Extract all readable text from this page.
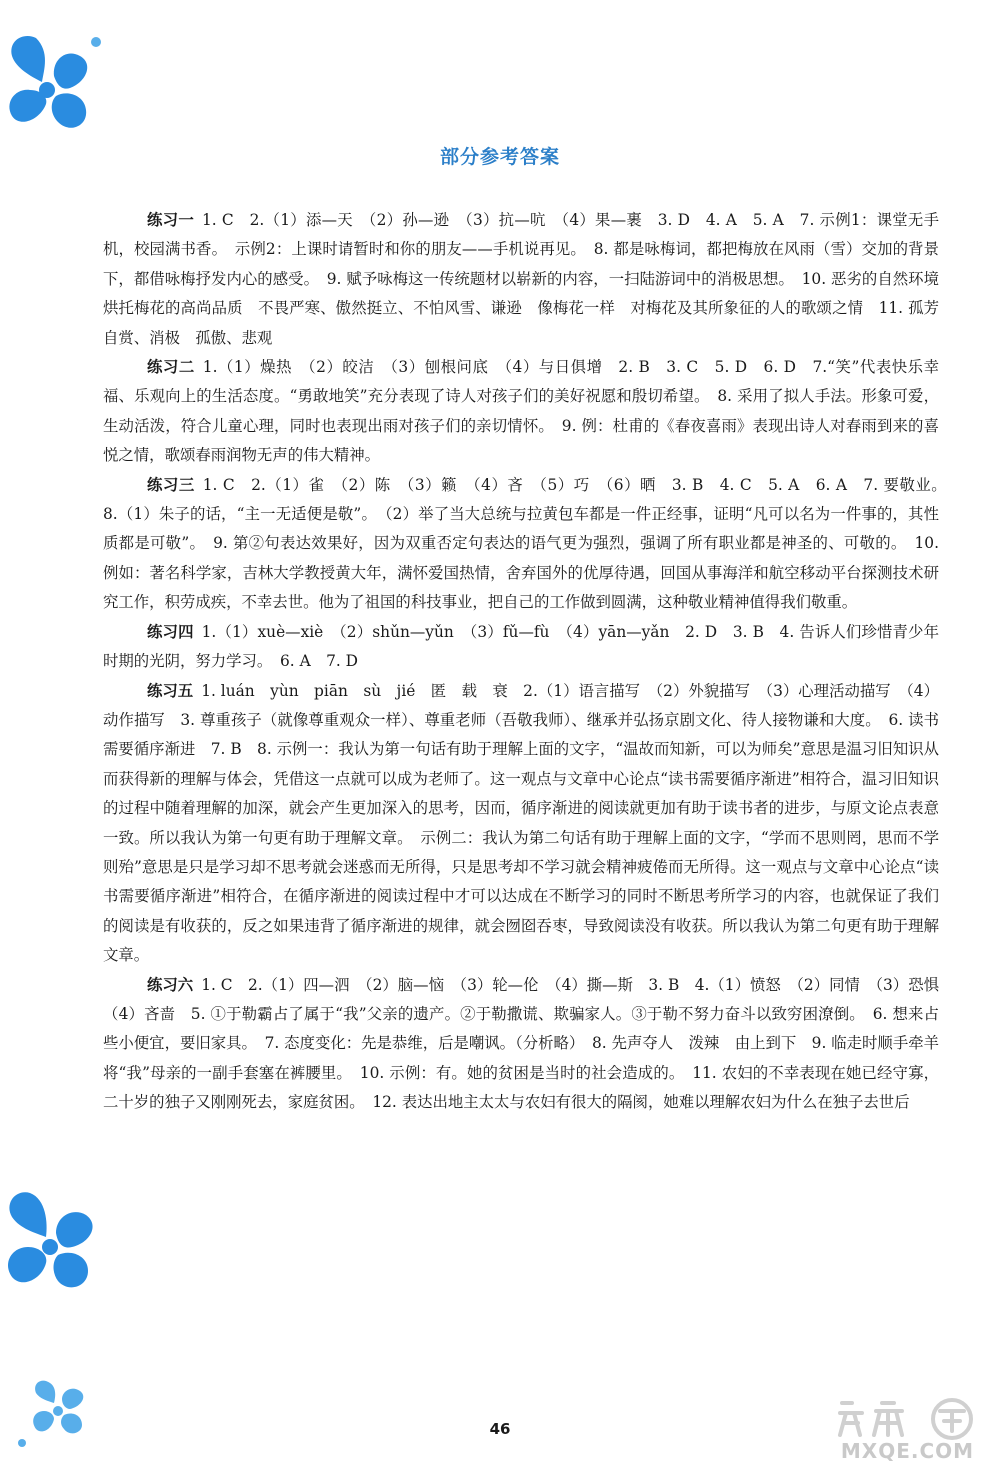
部分参考答案

练习一 1. C　2.（1）添—天　（2）孙—逊　（3）抗—吭　（4）果—裹　3. D　4. A　5. A　7. 示例1：课堂无手机，校园满书香。　示例2：上课时请暂时和你的朋友——手机说再见。　8. 都是咏梅词，都把梅放在风雨（雪）交加的背景下，都借咏梅抒发内心的感受。　9. 赋予咏梅这一传统题材以崭新的内容，一扫陆游词中的消极思想。　10. 恶劣的自然环境　烘托梅花的高尚品质　不畏严寒、傲然挺立、不怕风雪、谦逊　像梅花一样　对梅花及其所象征的人的歌颂之情　11. 孤芳自赏、消极　孤傲、悲观

练习二 1.（1）燥热　（2）皎洁　（3）刨根问底　（4）与日俱增　2. B　3. C　5. D　6. D　7.“笑”代表快乐幸福、乐观向上的生活态度。“勇敢地笑”充分表现了诗人对孩子们的美好祝愿和殷切希望。　8. 采用了拟人手法。形象可爱，生动活泼，符合儿童心理，同时也表现出雨对孩子们的亲切情怀。　9. 例：杜甫的《春夜喜雨》表现出诗人对春雨到来的喜悦之情，歌颂春雨润物无声的伟大精神。

练习三 1. C　2.（1）雀　（2）陈　（3）籁　（4）吝　（5）巧　（6）晒　3. B　4. C　5. A　6. A　7. 要敬业。　8.（1）朱子的话，“主一无适便是敬”。　（2）举了当大总统与拉黄包车都是一件正经事，证明“凡可以名为一件事的，其性质都是可敬”。　9. 第②句表达效果好，因为双重否定句表达的语气更为强烈，强调了所有职业都是神圣的、可敬的。　10. 例如：著名科学家，吉林大学教授黄大年，满怀爱国热情，舍弃国外的优厚待遇，回国从事海洋和航空移动平台探测技术研究工作，积劳成疾，不幸去世。他为了祖国的科技事业，把自己的工作做到圆满，这种敬业精神值得我们敬重。

练习四 1.（1）xuè—xiè　（2）shǔn—yǔn　（3）fǔ—fù　（4）yān—yǎn　2. D　3. B　4. 告诉人们珍惜青少年时期的光阴，努力学习。　6. A　7. D

练习五 1. luán　yùn　piān　sù　jié　匿　载　衰　2.（1）语言描写　（2）外貌描写　（3）心理活动描写　（4）动作描写　3. 尊重孩子（就像尊重观众一样）、尊重老师（吾敬我师）、继承并弘扬京剧文化、待人接物谦和大度。　6. 读书需要循序渐进　7. B　8. 示例一：我认为第一句话有助于理解上面的文字，“温故而知新，可以为师矣”意思是温习旧知识从而获得新的理解与体会，凭借这一点就可以成为老师了。这一观点与文章中心论点“读书需要循序渐进”相符合，温习旧知识的过程中随着理解的加深，就会产生更加深入的思考，因而，循序渐进的阅读就更加有助于读书者的进步，与原文论点表意一致。所以我认为第一句更有助于理解文章。　示例二：我认为第二句话有助于理解上面的文字，“学而不思则罔，思而不学则殆”意思是只是学习却不思考就会迷惑而无所得，只是思考却不学习就会精神疲倦而无所得。这一观点与文章中心论点“读书需要循序渐进”相符合，在循序渐进的阅读过程中才可以达成在不断学习的同时不断思考所学习的内容，也就保证了我们的阅读是有收获的，反之如果违背了循序渐进的规律，就会囫囵吞枣，导致阅读没有收获。所以我认为第二句更有助于理解文章。

练习六 1. C　2.（1）四—泗　（2）脑—恼　（3）轮—伦　（4）撕—斯　3. B　4.（1）愤怒　（2）同情　（3）恐惧　（4）吝啬　5. ①于勒霸占了属于“我”父亲的遗产。②于勒撒谎、欺骗家人。③于勒不努力奋斗以致穷困潦倒。　6. 想来占些小便宜，要旧家具。　7. 态度变化：先是恭维，后是嘲讽。（分析略）　8. 先声夺人　泼辣　由上到下　9. 临走时顺手牵羊将“我”母亲的一副手套塞在裤腰里。　10. 示例：有。她的贫困是当时的社会造成的。　11. 农妇的不幸表现在她已经守寡，二十岁的独子又刚刚死去，家庭贫困。　12. 表达出地主太太与农妇有很大的隔阂，她难以理解农妇为什么在独子去世后

46
MXQE.COM
